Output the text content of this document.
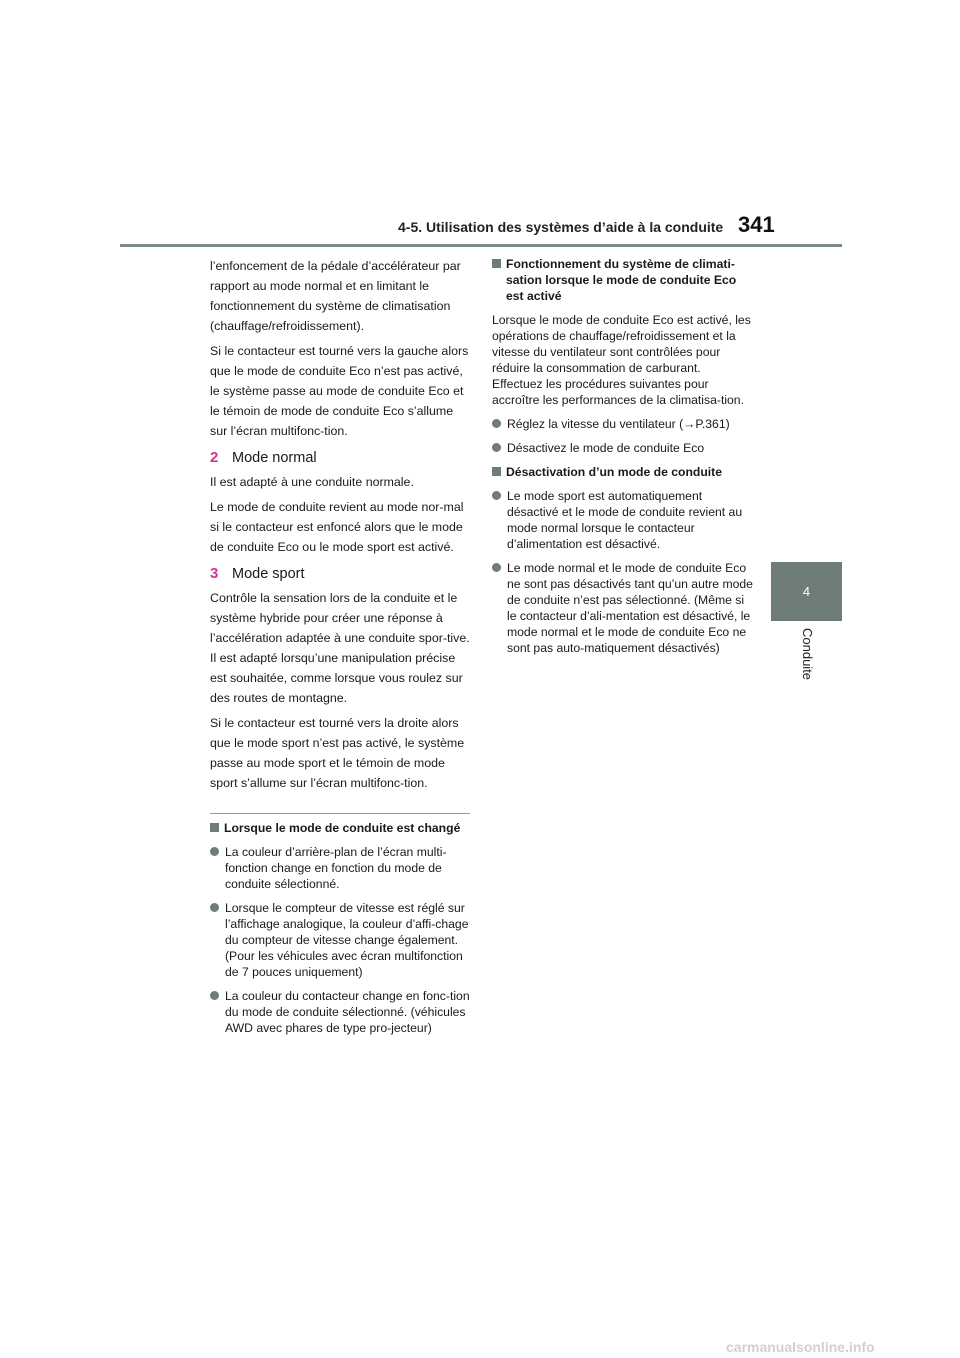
4-5. Utilisation des systèmes d’aide à la conduite 341
4
Conduite

l’enfoncement de la pédale d’accélérateur par rapport au mode normal et en limitant le fonctionnement du système de climatisation (chauffage/refroidissement).

Si le contacteur est tourné vers la gauche alors que le mode de conduite Eco n’est pas activé, le système passe au mode de conduite Eco et le témoin de mode de conduite Eco s’allume sur l’écran multifonc-tion.

2 Mode normal

Il est adapté à une conduite normale.

Le mode de conduite revient au mode nor-mal si le contacteur est enfoncé alors que le mode de conduite Eco ou le mode sport est activé.

3 Mode sport

Contrôle la sensation lors de la conduite et le système hybride pour créer une réponse à l’accélération adaptée à une conduite spor-tive. Il est adapté lorsqu’une manipulation précise est souhaitée, comme lorsque vous roulez sur des routes de montagne.

Si le contacteur est tourné vers la droite alors que le mode sport n’est pas activé, le système passe au mode sport et le témoin de mode sport s’allume sur l’écran multifonc-tion.

Lorsque le mode de conduite est changé
La couleur d’arrière-plan de l’écran multi-fonction change en fonction du mode de conduite sélectionné.
Lorsque le compteur de vitesse est réglé sur l’affichage analogique, la couleur d’affi-chage du compteur de vitesse change également. (Pour les véhicules avec écran multifonction de 7 pouces uniquement)
La couleur du contacteur change en fonc-tion du mode de conduite sélectionné. (véhicules AWD avec phares de type pro-jecteur)
Fonctionnement du système de climati-sation lorsque le mode de conduite Eco est activé

Lorsque le mode de conduite Eco est activé, les opérations de chauffage/refroidissement et la vitesse du ventilateur sont contrôlées pour réduire la consommation de carburant. Effectuez les procédures suivantes pour accroître les performances de la climatisa-tion.

Réglez la vitesse du ventilateur (→P.361)
Désactivez le mode de conduite Eco
Désactivation d’un mode de conduite
Le mode sport est automatiquement désactivé et le mode de conduite revient au mode normal lorsque le contacteur d’alimentation est désactivé.
Le mode normal et le mode de conduite Eco ne sont pas désactivés tant qu’un autre mode de conduite n’est pas sélectionné. (Même si le contacteur d’ali-mentation est désactivé, le mode normal et le mode de conduite Eco ne sont pas auto-matiquement désactivés)
carmanualsonline.info
